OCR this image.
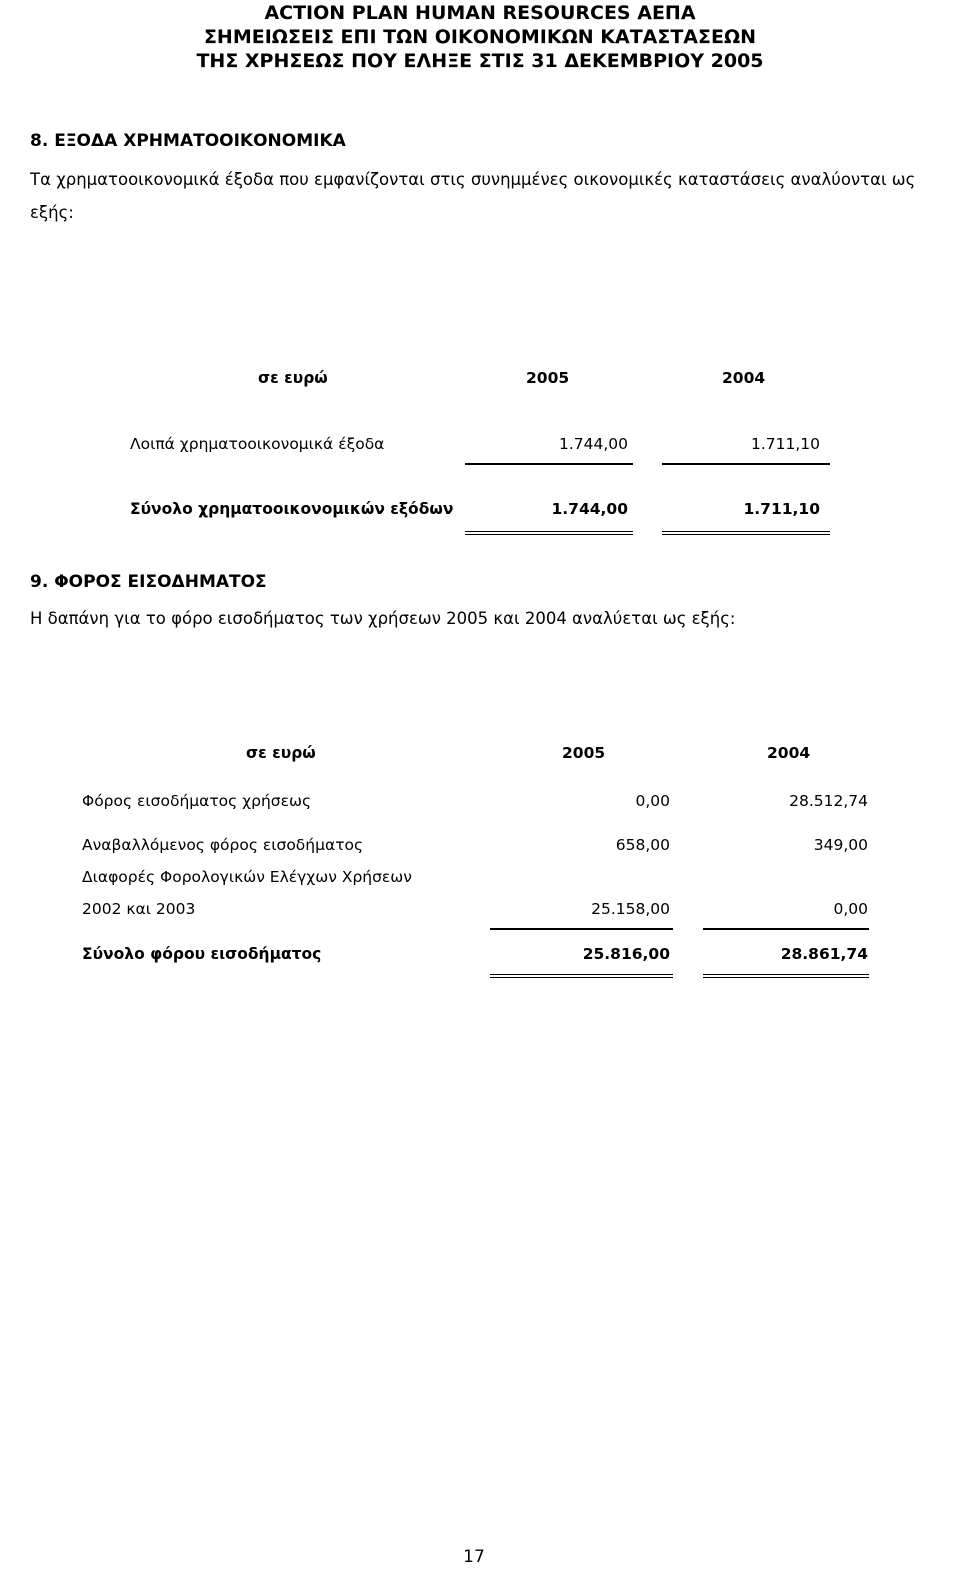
ACTION PLAN HUMAN RESOURCES ΑΕΠΑ
ΣΗΜΕΙΩΣΕΙΣ ΕΠΙ ΤΩΝ ΟΙΚΟΝΟΜΙΚΩΝ ΚΑΤΑΣΤΑΣΕΩΝ
ΤΗΣ ΧΡΗΣΕΩΣ ΠΟΥ ΕΛΗΞΕ ΣΤΙΣ 31 ΔΕΚΕΜΒΡΙΟΥ 2005
8. ΕΞΟΔΑ ΧΡΗΜΑΤΟΟΙΚΟΝΟΜΙΚΑ
Τα χρηματοοικονομικά έξοδα που εμφανίζονται στις συνημμένες οικονομικές καταστάσεις αναλύονται ως
εξής:
σε ευρώ	2005	2004
Λοιπά χρηματοοικονομικά έξοδα	1.744,00	1.711,10
Σύνολο χρηματοοικονομικών εξόδων	1.744,00	1.711,10
9. ΦΟΡΟΣ ΕΙΣΟΔΗΜΑΤΟΣ
Η δαπάνη για το φόρο εισοδήματος των χρήσεων 2005 και 2004 αναλύεται ως εξής:
σε ευρώ	2005	2004
Φόρος εισοδήματος χρήσεως	0,00	28.512,74
Αναβαλλόμενος φόρος εισοδήματος	658,00	349,00
Διαφορές Φορολογικών Ελέγχων Χρήσεων
2002 και 2003	25.158,00	0,00
Σύνολο φόρου εισοδήματος	25.816,00	28.861,74
17
